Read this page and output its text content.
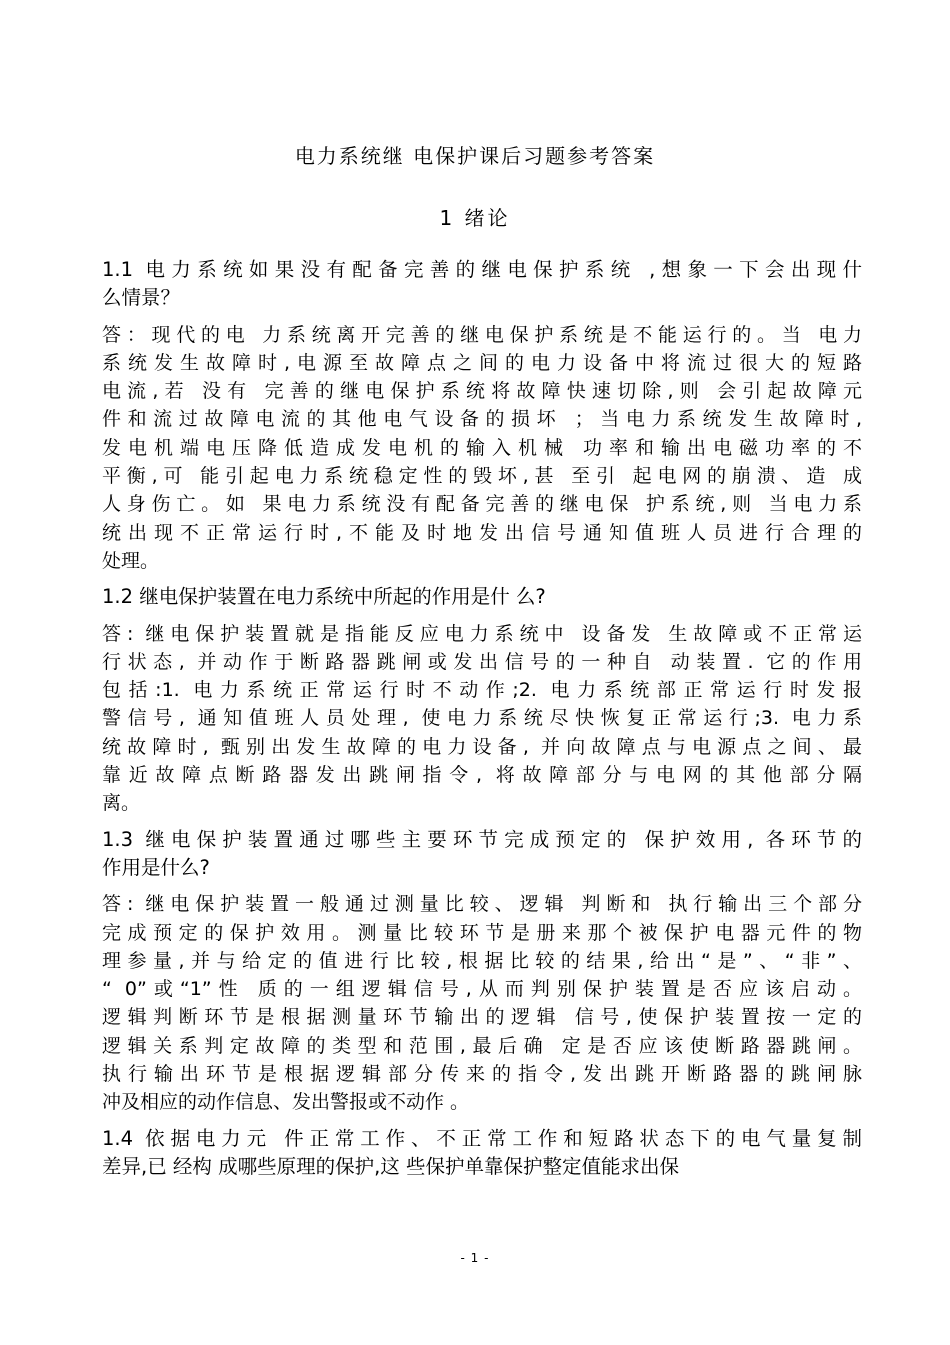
电力系统继 电保护课后习题参考答案
1 绪论
1.1 电力系统如果没有配备完善的继电保护系统 ,想象一下会出现什
么情景？
答：现代的电 力系统离开完善的继电保护系统是不能运行的。当 电力
系统发生故障时,电源至故障点之间的电力设备中将流过很大的短路
电流,若 没有 完善的继电保护系统将故障快速切除,则 会引起故障元
件和流过故障电流的其他电气设备的损坏 ；当电力系统发生故障时,
发电机端电压降低造成发电机的输入机械 功率和输出电磁功率的不
平衡,可 能引起电力系统稳定性的毁坏,甚 至引 起电网的崩溃、造 成
人身伤亡。如 果电力系统没有配备完善的继电保 护系统,则 当电力系
统出现不正常运行时,不能及时地发出信号通知值班人员进行合理的
处理。
1.2 继电保护装置在电力系统中所起的作用是什 么?
答: 继电保护装置就是指能反应电力系统中 设备发 生故障或不正常运
行状态, 并动作于断路器跳闸或发出信号的一种自 动装置. 它的作用
包括:1. 电力系统正常运行时不动作;2. 电力系统部正常运行时发报
警信号, 通知值班人员处理, 使电力系统尽快恢复正常运行;3. 电力系
统故障时, 甄别出发生故障的电力设备, 并向故障点与电源点之间、最
靠近故障点断路器发出跳闸指令, 将故障部分与电网的其他部分隔
离。
1.3 继电保护装置通过哪些主要环节完成预定的 保护效用, 各环节的
作用是什么?
答: 继电保护装置一般通过测量比较、逻辑 判断和 执行输出三个部分
完成预定的保护效用。测量比较环节是册来那个被保护电器元件的物
理参量,并与给定的值进行比较,根据比较的结果,给出“是”、“非”、
“ 0”或“1”性 质的一组逻辑信号,从而判别保护装置是否应该启动。
逻辑判断环节是根据测量环节输出的逻辑 信号,使保护装置按一定的
逻辑关系判定故障的类型和范围,最后确 定是否应该使断路器跳闸。
执行输出环节是根据逻辑部分传来的指令,发出跳开断路器的跳闸脉
冲及相应的动作信息、发出警报或不动作 。
1.4 依据电力元 件正常工作、不正常工作和短路状态下的电气量复制
差异,已 经构 成哪些原理的保护,这 些保护单靠保护整定值能求出保
- 1 -
